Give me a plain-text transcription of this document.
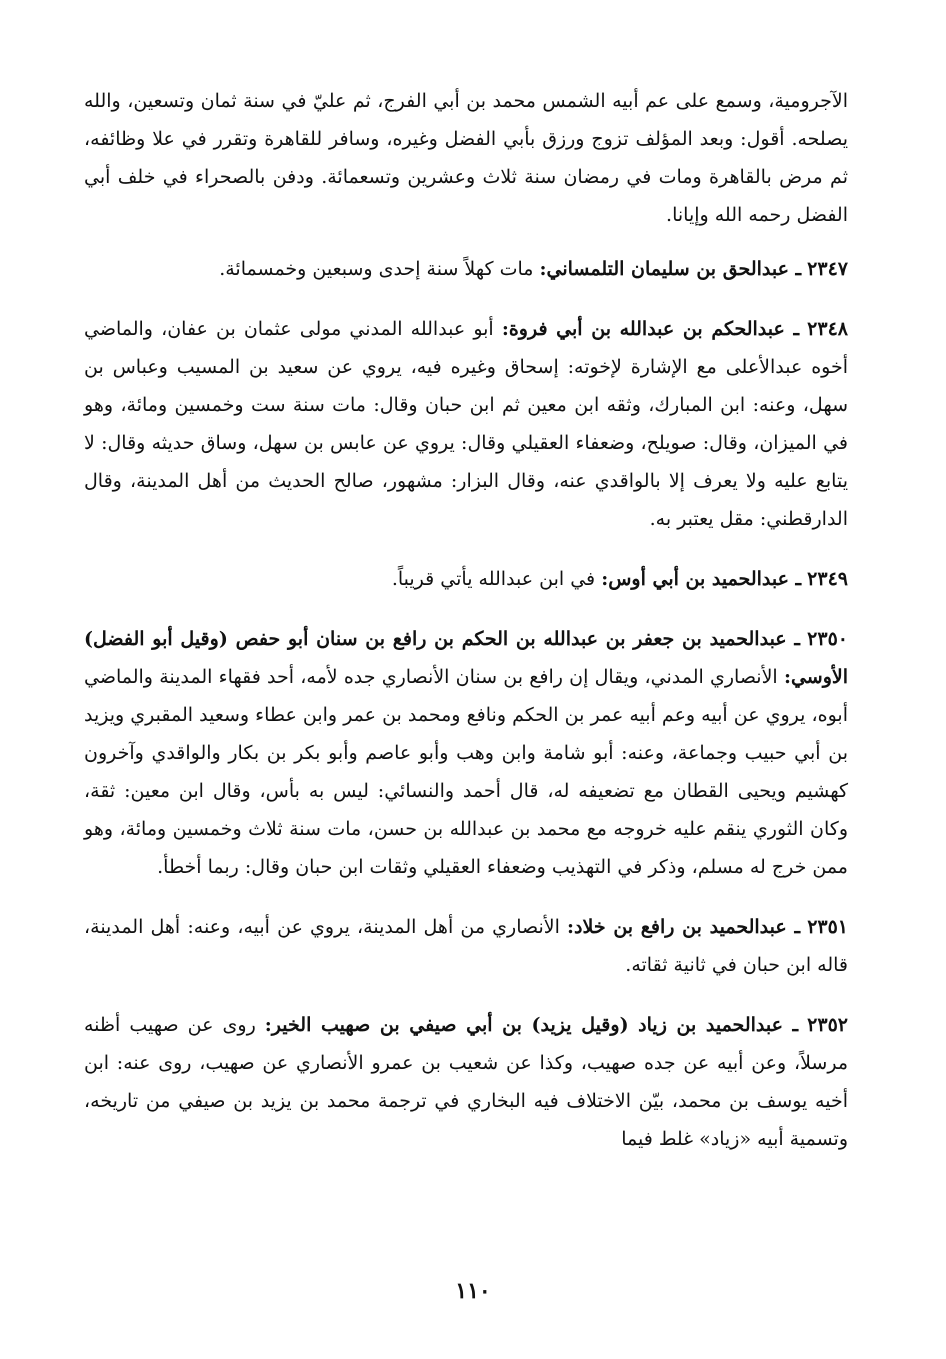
الآجرومية، وسمع على عم أبيه الشمس محمد بن أبي الفرج، ثم عليّ في سنة ثمان وتسعين، والله يصلحه. أقول: وبعد المؤلف تزوج ورزق بأبي الفضل وغيره، وسافر للقاهرة وتقرر في علا وظائفه، ثم مرض بالقاهرة ومات في رمضان سنة ثلاث وعشرين وتسعمائة. ودفن بالصحراء في خلف أبي الفضل رحمه الله وإيانا.

٢٣٤٧ ـ عبدالحق بن سليمان التلمساني: مات كهلاً سنة إحدى وسبعين وخمسمائة.

٢٣٤٨ ـ عبدالحكم بن عبدالله بن أبي فروة: أبو عبدالله المدني مولى عثمان بن عفان، والماضي أخوه عبدالأعلى مع الإشارة لإخوته: إسحاق وغيره فيه، يروي عن سعيد بن المسيب وعباس بن سهل، وعنه: ابن المبارك، وثقه ابن معين ثم ابن حبان وقال: مات سنة ست وخمسين ومائة، وهو في الميزان، وقال: صويلح، وضعفاء العقيلي وقال: يروي عن عابس بن سهل، وساق حديثه وقال: لا يتابع عليه ولا يعرف إلا بالواقدي عنه، وقال البزار: مشهور، صالح الحديث من أهل المدينة، وقال الدارقطني: مقل يعتبر به.

٢٣٤٩ ـ عبدالحميد بن أبي أوس: في ابن عبدالله يأتي قريباً.

٢٣٥٠ ـ عبدالحميد بن جعفر بن عبدالله بن الحكم بن رافع بن سنان أبو حفص (وقيل أبو الفضل) الأوسي: الأنصاري المدني، ويقال إن رافع بن سنان الأنصاري جده لأمه، أحد فقهاء المدينة والماضي أبوه، يروي عن أبيه وعم أبيه عمر بن الحكم ونافع ومحمد بن عمر وابن عطاء وسعيد المقبري ويزيد بن أبي حبيب وجماعة، وعنه: أبو شامة وابن وهب وأبو عاصم وأبو بكر بن بكار والواقدي وآخرون كهشيم ويحيى القطان مع تضعيفه له، قال أحمد والنسائي: ليس به بأس، وقال ابن معين: ثقة، وكان الثوري ينقم عليه خروجه مع محمد بن عبدالله بن حسن، مات سنة ثلاث وخمسين ومائة، وهو ممن خرج له مسلم، وذكر في التهذيب وضعفاء العقيلي وثقات ابن حبان وقال: ربما أخطأ.

٢٣٥١ ـ عبدالحميد بن رافع بن خلاد: الأنصاري من أهل المدينة، يروي عن أبيه، وعنه: أهل المدينة، قاله ابن حبان في ثانية ثقاته.

٢٣٥٢ ـ عبدالحميد بن زياد (وقيل يزيد) بن أبي صيفي بن صهيب الخير: روى عن صهيب أظنه مرسلاً، وعن أبيه عن جده صهيب، وكذا عن شعيب بن عمرو الأنصاري عن صهيب، روى عنه: ابن أخيه يوسف بن محمد، بيّن الاختلاف فيه البخاري في ترجمة محمد بن يزيد بن صيفي من تاريخه، وتسمية أبيه «زياد» غلط فيما

١١٠
